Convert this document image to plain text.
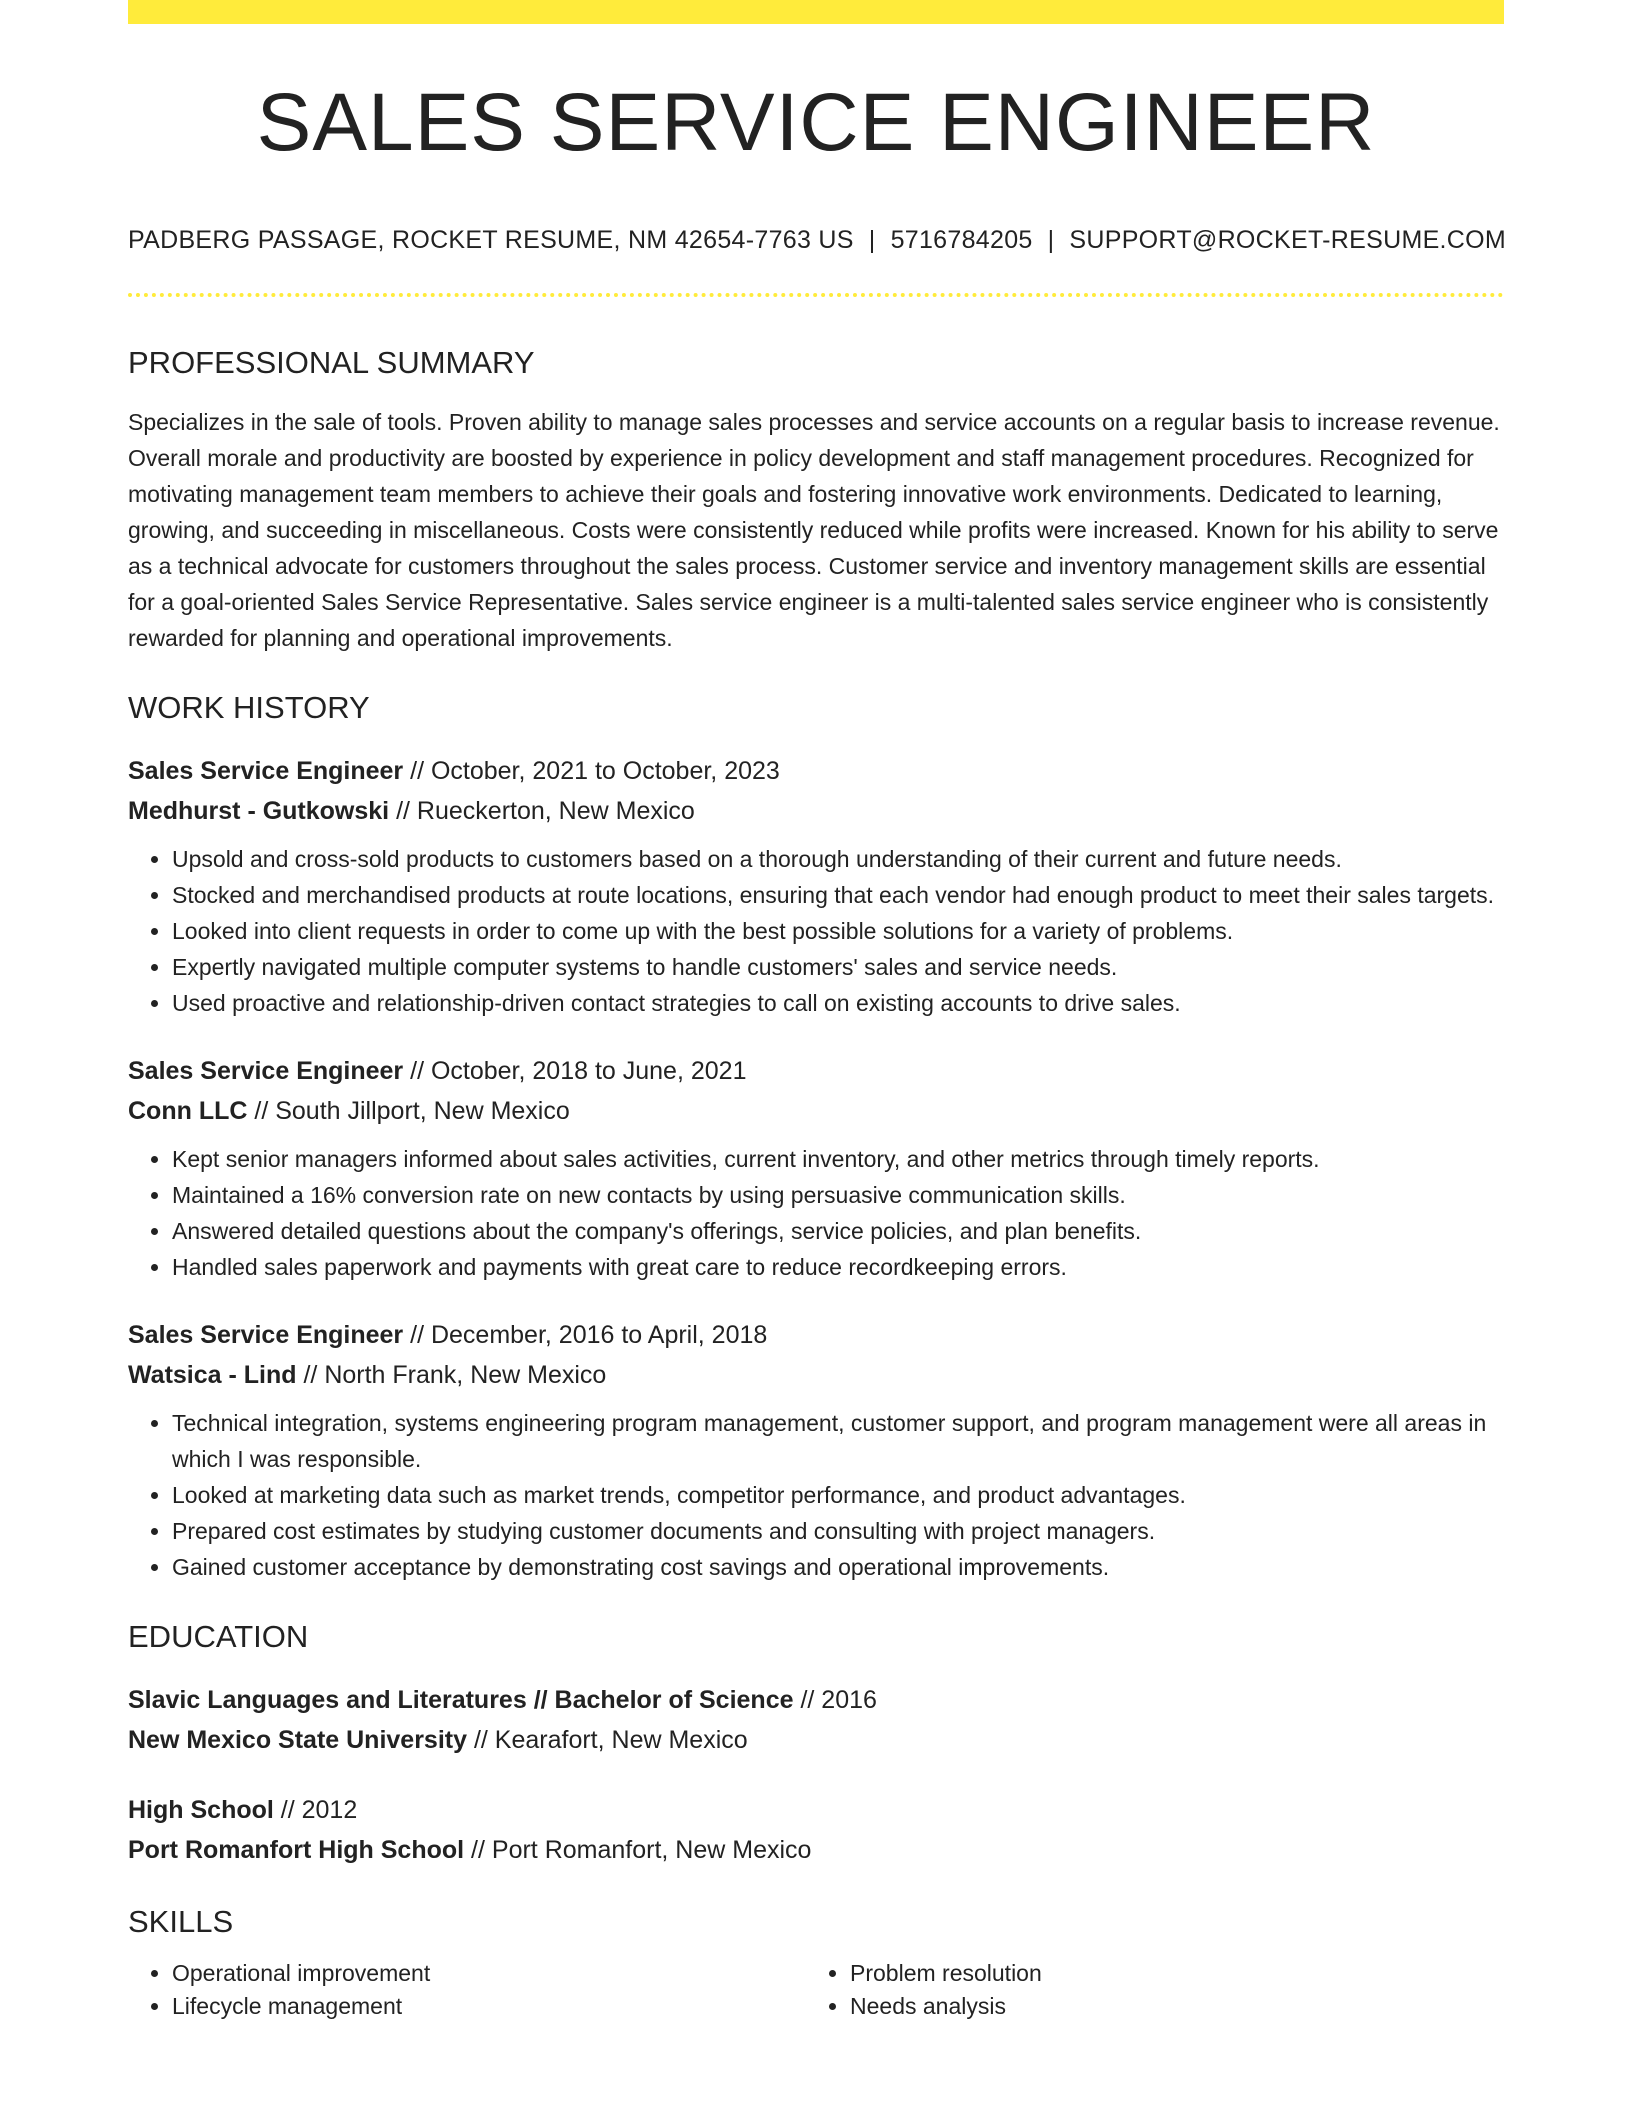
SALES SERVICE ENGINEER
PADBERG PASSAGE, ROCKET RESUME, NM 42654-7763 US | 5716784205 | SUPPORT@ROCKET-RESUME.COM
PROFESSIONAL SUMMARY
Specializes in the sale of tools. Proven ability to manage sales processes and service accounts on a regular basis to increase revenue. Overall morale and productivity are boosted by experience in policy development and staff management procedures. Recognized for motivating management team members to achieve their goals and fostering innovative work environments. Dedicated to learning, growing, and succeeding in miscellaneous. Costs were consistently reduced while profits were increased. Known for his ability to serve as a technical advocate for customers throughout the sales process. Customer service and inventory management skills are essential for a goal-oriented Sales Service Representative. Sales service engineer is a multi-talented sales service engineer who is consistently rewarded for planning and operational improvements.
WORK HISTORY
Sales Service Engineer // October, 2021 to October, 2023
Medhurst - Gutkowski // Rueckerton, New Mexico
• Upsold and cross-sold products to customers based on a thorough understanding of their current and future needs.
• Stocked and merchandised products at route locations, ensuring that each vendor had enough product to meet their sales targets.
• Looked into client requests in order to come up with the best possible solutions for a variety of problems.
• Expertly navigated multiple computer systems to handle customers' sales and service needs.
• Used proactive and relationship-driven contact strategies to call on existing accounts to drive sales.
Sales Service Engineer // October, 2018 to June, 2021
Conn LLC // South Jillport, New Mexico
• Kept senior managers informed about sales activities, current inventory, and other metrics through timely reports.
• Maintained a 16% conversion rate on new contacts by using persuasive communication skills.
• Answered detailed questions about the company's offerings, service policies, and plan benefits.
• Handled sales paperwork and payments with great care to reduce recordkeeping errors.
Sales Service Engineer // December, 2016 to April, 2018
Watsica - Lind // North Frank, New Mexico
• Technical integration, systems engineering program management, customer support, and program management were all areas in which I was responsible.
• Looked at marketing data such as market trends, competitor performance, and product advantages.
• Prepared cost estimates by studying customer documents and consulting with project managers.
• Gained customer acceptance by demonstrating cost savings and operational improvements.
EDUCATION
Slavic Languages and Literatures // Bachelor of Science // 2016
New Mexico State University // Kearafort, New Mexico
High School // 2012
Port Romanfort High School // Port Romanfort, New Mexico
SKILLS
• Operational improvement
• Lifecycle management
• Problem resolution
• Needs analysis
